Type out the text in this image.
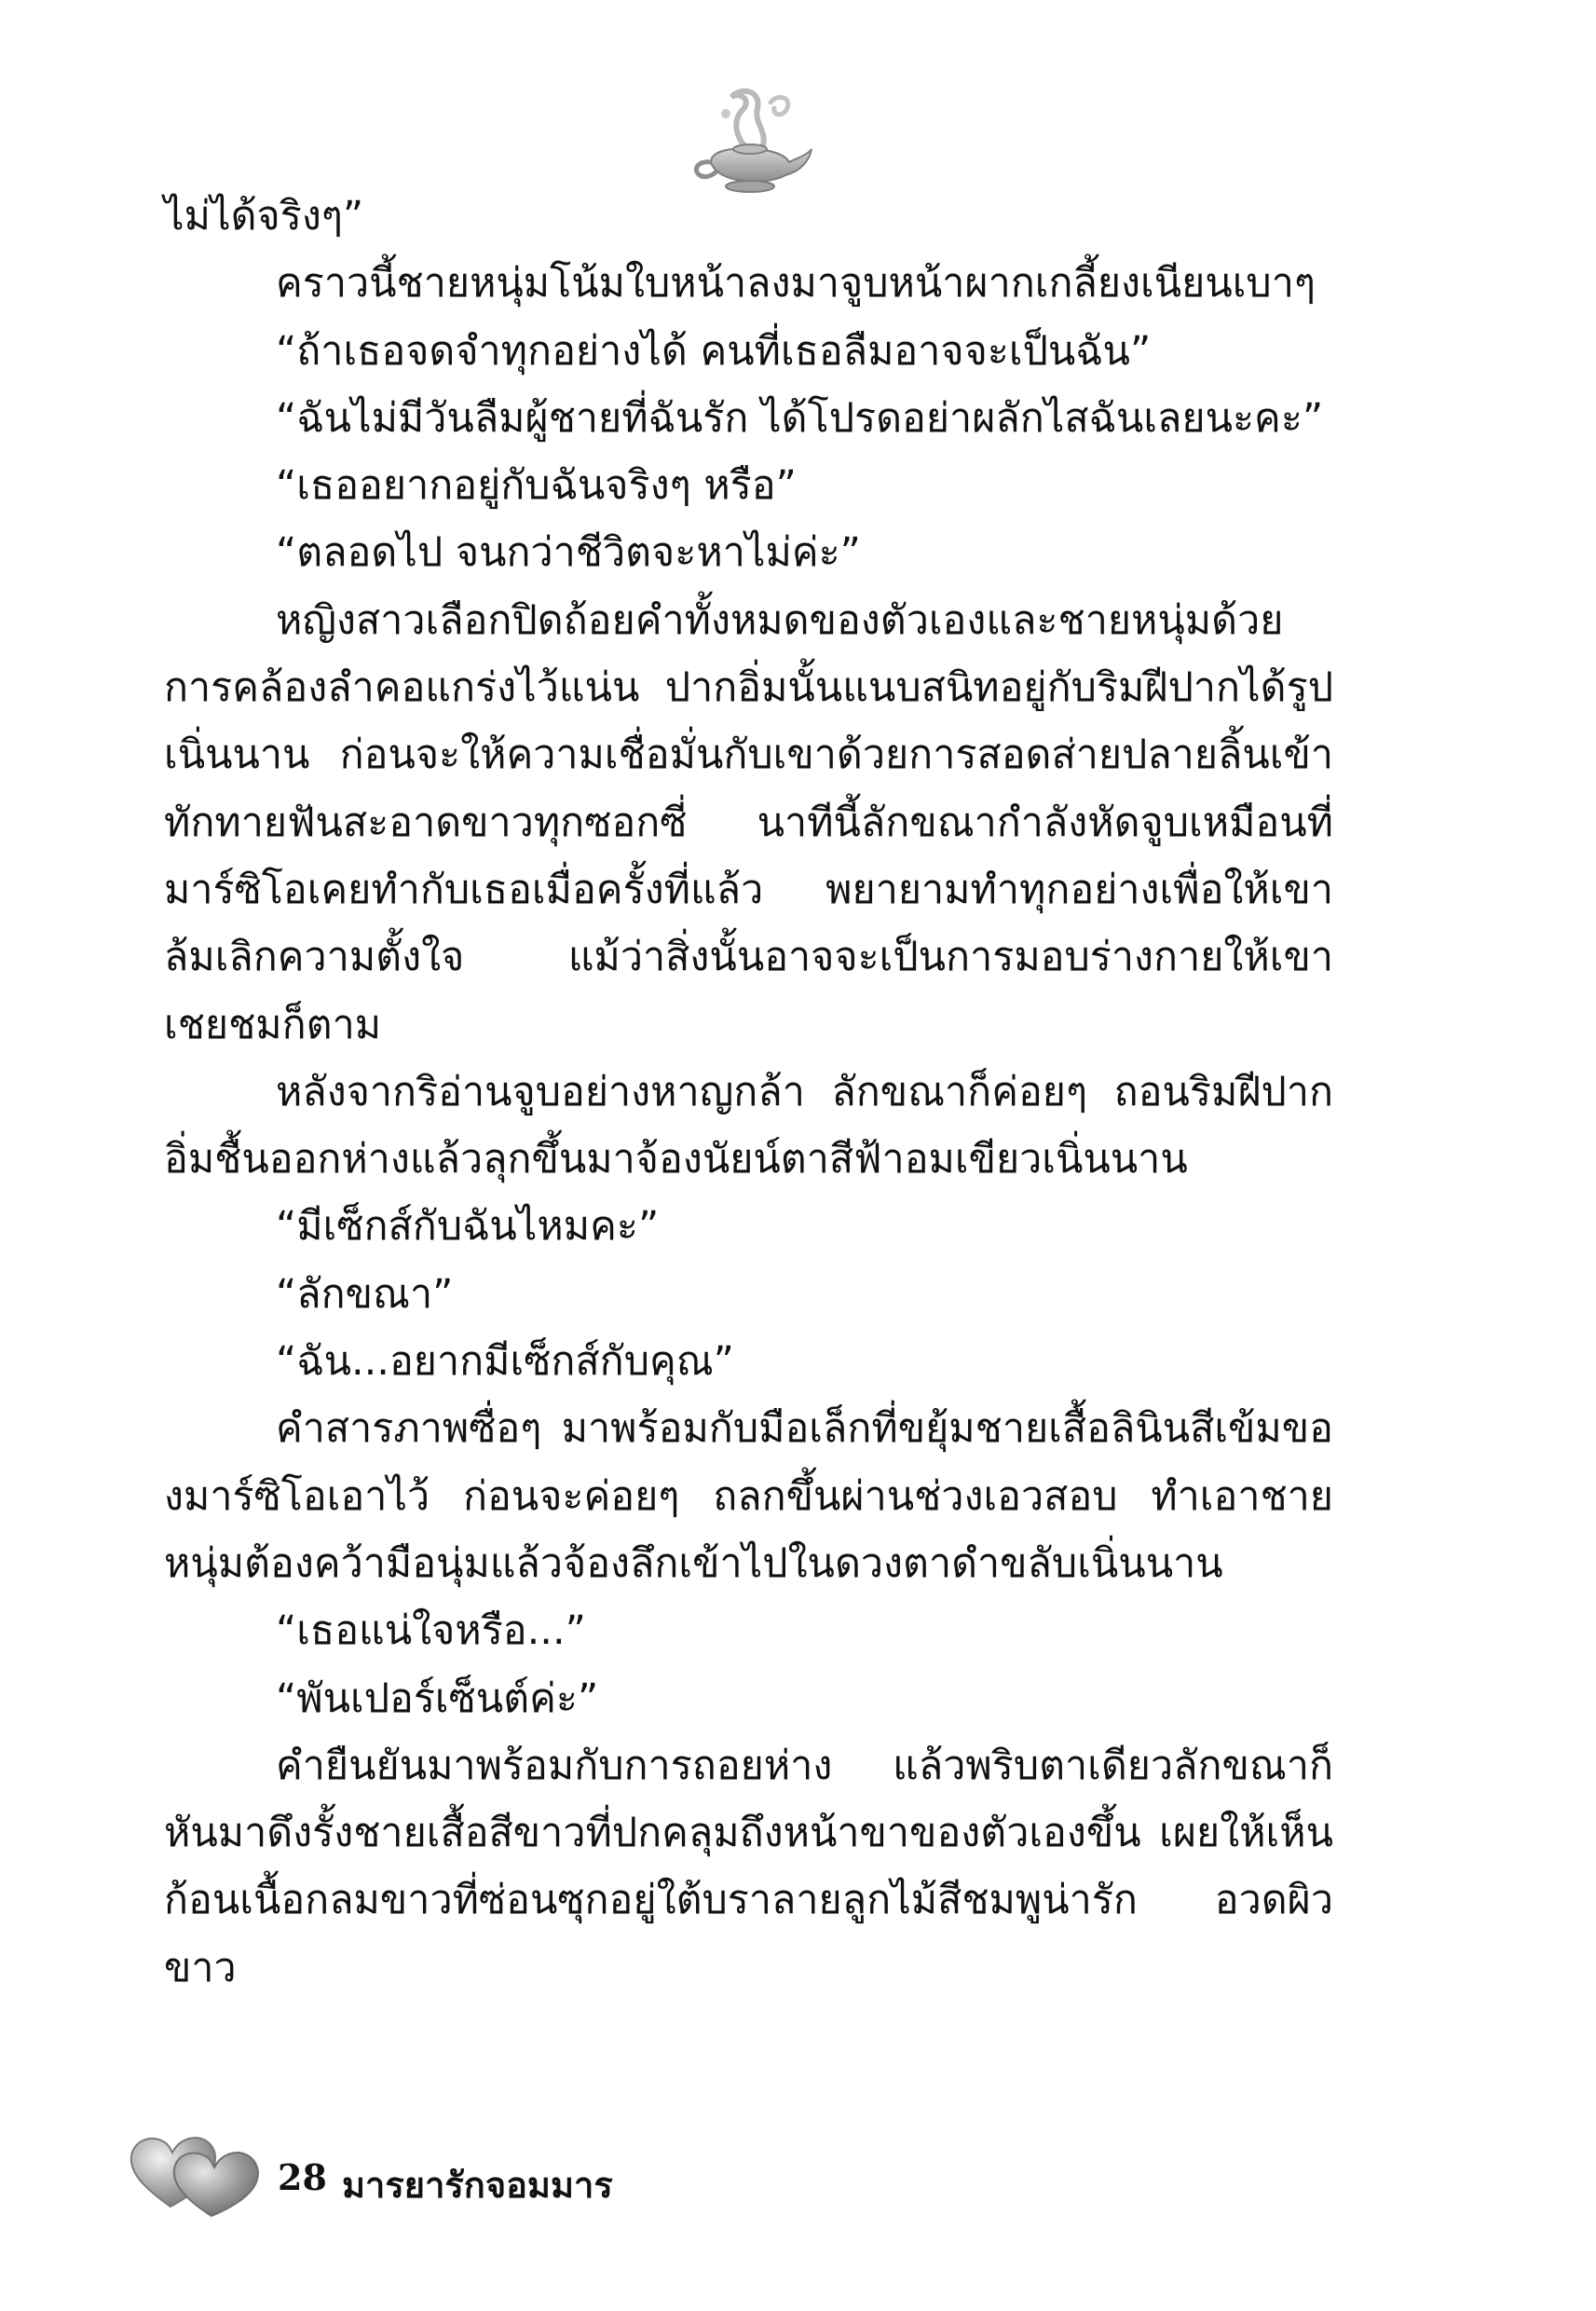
ไม่ได้จริงๆ”

คราวนี้ชายหนุ่มโน้มใบหน้าลงมาจูบหน้าผากเกลี้ยงเนียนเบาๆ

“ถ้าเธอจดจำทุกอย่างได้ คนที่เธอลืมอาจจะเป็นฉัน”

“ฉันไม่มีวันลืมผู้ชายที่ฉันรัก ได้โปรดอย่าผลักไสฉันเลยนะคะ”

“เธออยากอยู่กับฉันจริงๆ หรือ”

“ตลอดไป จนกว่าชีวิตจะหาไม่ค่ะ”

หญิงสาวเลือกปิดถ้อยคำทั้งหมดของตัวเองและชายหนุ่มด้วยการคล้องลำคอแกร่งไว้แน่น ปากอิ่มนั้นแนบสนิทอยู่กับริมฝีปากได้รูปเนิ่นนาน ก่อนจะให้ความเชื่อมั่นกับเขาด้วยการสอดส่ายปลายลิ้นเข้าทักทายฟันสะอาดขาวทุกซอกซี่ นาทีนี้ลักขณากำลังหัดจูบเหมือนที่มาร์ซิโอเคยทำกับเธอเมื่อครั้งที่แล้ว พยายามทำทุกอย่างเพื่อให้เขาล้มเลิกความตั้งใจ แม้ว่าสิ่งนั้นอาจจะเป็นการมอบร่างกายให้เขาเชยชมก็ตาม

หลังจากริอ่านจูบอย่างหาญกล้า ลักขณาก็ค่อยๆ ถอนริมฝีปากอิ่มชื้นออกห่างแล้วลุกขึ้นมาจ้องนัยน์ตาสีฟ้าอมเขียวเนิ่นนาน

“มีเซ็กส์กับฉันไหมคะ”

“ลักขณา”

“ฉัน...อยากมีเซ็กส์กับคุณ”

คำสารภาพซื่อๆ มาพร้อมกับมือเล็กที่ขยุ้มชายเสื้อลินินสีเข้มของมาร์ซิโอเอาไว้ ก่อนจะค่อยๆ ถลกขึ้นผ่านช่วงเอวสอบ ทำเอาชายหนุ่มต้องคว้ามือนุ่มแล้วจ้องลึกเข้าไปในดวงตาดำขลับเนิ่นนาน

“เธอแน่ใจหรือ...”

“พันเปอร์เซ็นต์ค่ะ”

คำยืนยันมาพร้อมกับการถอยห่าง แล้วพริบตาเดียวลักขณาก็หันมาดึงรั้งชายเสื้อสีขาวที่ปกคลุมถึงหน้าขาของตัวเองขึ้น เผยให้เห็นก้อนเนื้อกลมขาวที่ซ่อนซุกอยู่ใต้บราลายลูกไม้สีชมพูน่ารัก อวดผิวขาว

28 มารยารักจอมมาร
